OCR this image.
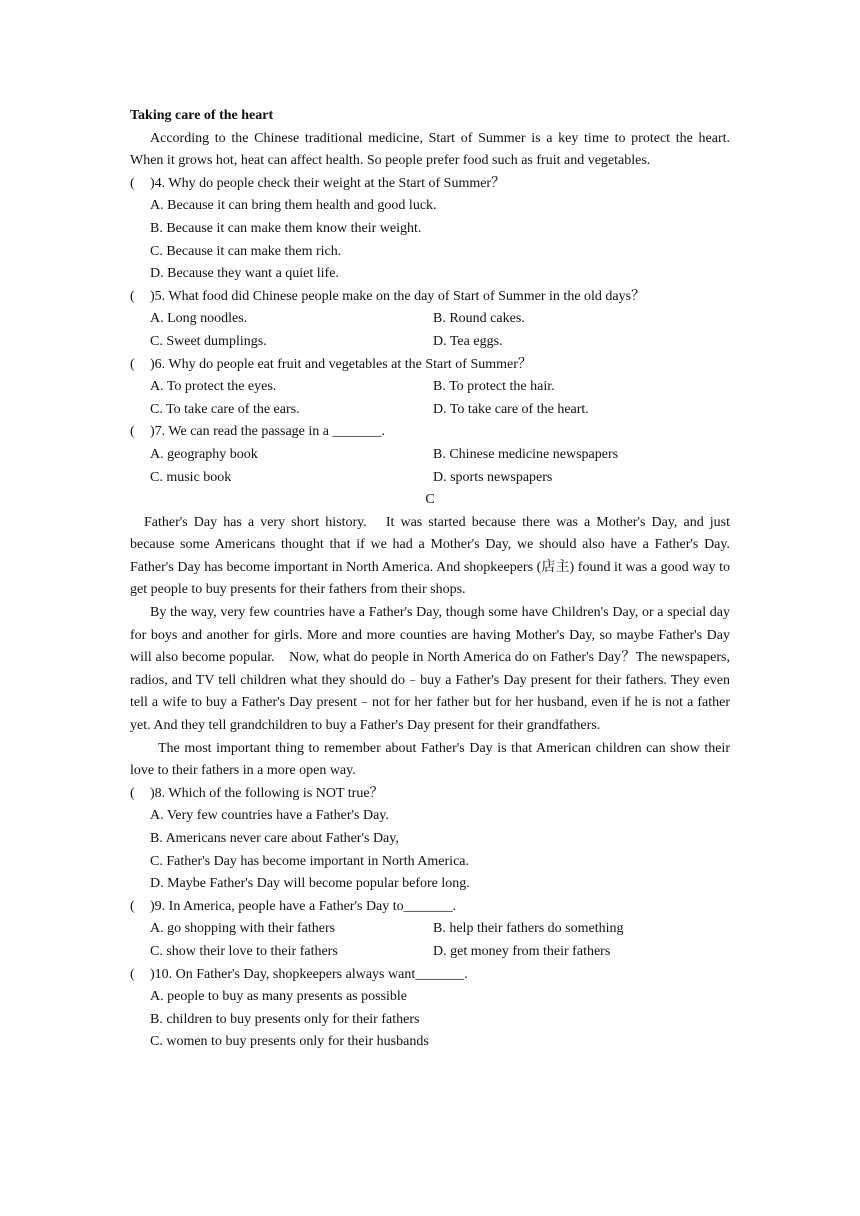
Taking care of the heart
According to the Chinese traditional medicine, Start of Summer is a key time to protect the heart. When it grows hot, heat can affect health. So people prefer food such as fruit and vegetables.
( )4. Why do people check their weight at the Start of Summer？
A. Because it can bring them health and good luck.
B. Because it can make them know their weight.
C. Because it can make them rich.
D. Because they want a quiet life.
( )5. What food did Chinese people make on the day of Start of Summer in the old days？
A. Long noodles.	B. Round cakes.
C. Sweet dumplings.	D. Tea eggs.
( )6. Why do people eat fruit and vegetables at the Start of Summer？
A. To protect the eyes.	B. To protect the hair.
C. To take care of the ears.	D. To take care of the heart.
( )7. We can read the passage in a _______.
A. geography book	B. Chinese medicine newspapers
C. music book	D. sports newspapers
C
Father's Day has a very short history.　It was started because there was a Mother's Day, and just because some Americans thought that if we had a Mother's Day, we should also have a Father's Day.　Father's Day has become important in North America. And shopkeepers (店主) found it was a good way to get people to buy presents for their fathers from their shops.
By the way, very few countries have a Father's Day, though some have Children's Day, or a special day for boys and another for girls. More and more counties are having Mother's Day, so maybe Father's Day will also become popular.　Now, what do people in North America do on Father's Day？The newspapers, radios, and TV tell children what they should do﹣buy a Father's Day present for their fathers. They even tell a wife to buy a Father's Day present﹣not for her father but for her husband, even if he is not a father yet. And they tell grandchildren to buy a Father's Day present for their grandfathers.
The most important thing to remember about Father's Day is that American children can show their love to their fathers in a more open way.
( )8. Which of the following is NOT true？
A. Very few countries have a Father's Day.
B. Americans never care about Father's Day,
C. Father's Day has become important in North America.
D. Maybe Father's Day will become popular before long.
( )9. In America, people have a Father's Day to_______.
A. go shopping with their fathers	B. help their fathers do something
C. show their love to their fathers	D. get money from their fathers
( )10. On Father's Day, shopkeepers always want_______.
A. people to buy as many presents as possible
B. children to buy presents only for their fathers
C. women to buy presents only for their husbands
